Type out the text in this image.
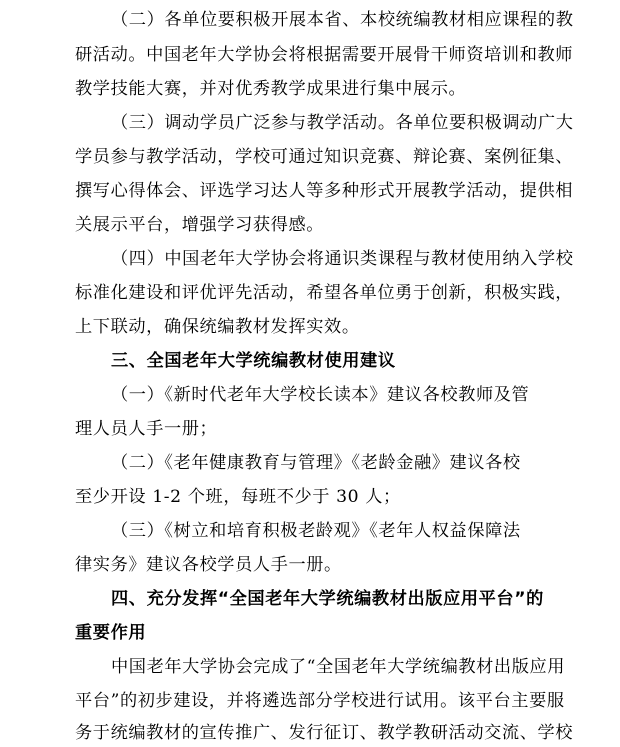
（二）各单位要积极开展本省、本校统编教材相应课程的教
研活动。中国老年大学协会将根据需要开展骨干师资培训和教师
教学技能大赛，并对优秀教学成果进行集中展示。
（三）调动学员广泛参与教学活动。各单位要积极调动广大
学员参与教学活动，学校可通过知识竞赛、辩论赛、案例征集、
撰写心得体会、评选学习达人等多种形式开展教学活动，提供相
关展示平台，增强学习获得感。
（四）中国老年大学协会将通识类课程与教材使用纳入学校
标准化建设和评优评先活动，希望各单位勇于创新，积极实践，
上下联动，确保统编教材发挥实效。
三、全国老年大学统编教材使用建议
（一）《新时代老年大学校长读本》建议各校教师及管
理人员人手一册；
（二）《老年健康教育与管理》《老龄金融》建议各校
至少开设 1-2 个班，每班不少于 30 人；
（三）《树立和培育积极老龄观》《老年人权益保障法
律实务》建议各校学员人手一册。
四、充分发挥“全国老年大学统编教材出版应用平台”的
重要作用
中国老年大学协会完成了“全国老年大学统编教材出版应用
平台”的初步建设，并将遴选部分学校进行试用。该平台主要服
务于统编教材的宣传推广、发行征订、教学教研活动交流、学校
